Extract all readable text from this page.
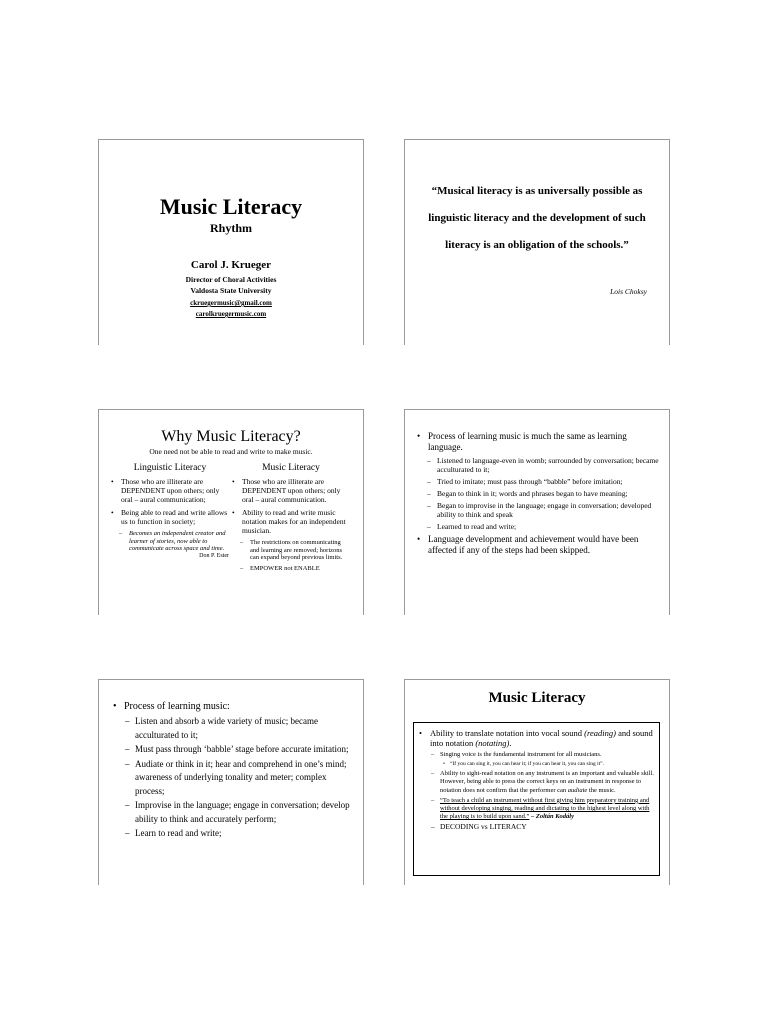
Music Literacy
Rhythm
Carol J. Krueger
Director of Choral Activities
Valdosta State University
ckruegermusic@gmail.com
carolkruegermusic.com
“Musical literacy is as universally possible as linguistic literacy and the development of such literacy is an obligation of the schools.”
Lois Choksy
Why Music Literacy?
One need not be able to read and write to make music.
Linguistic Literacy
• Those who are illiterate are DEPENDENT upon others; only oral – aural communication;
• Being able to read and write allows us to function in society;
– Becomes an independent creator and learner of stories, now able to communicate across space and time.
Don P. Ester
Music Literacy
• Those who are illiterate are DEPENDENT upon others; only oral – aural communication.
• Ability to read and write music notation makes for an independent musician.
– The restrictions on communicating and learning are removed; horizons can expand beyond previous limits.
– EMPOWER not ENABLE
• Process of learning music is much the same as learning language.
– Listened to language-even in womb; surrounded by conversation; became acculturated to it;
– Tried to imitate; must pass through “babble” before imitation;
– Began to think in it; words and phrases began to have meaning;
– Began to improvise in the language; engage in conversation; developed ability to think and speak
– Learned to read and write;
• Language development and achievement would have been affected if any of the steps had been skipped.
• Process of learning music:
– Listen and absorb a wide variety of music; became acculturated to it;
– Must pass through ‘babble’ stage before accurate imitation;
– Audiate or think in it; hear and comprehend in one’s mind; awareness of underlying tonality and meter; complex process;
– Improvise in the language; engage in conversation; develop ability to think and accurately perform;
– Learn to read and write;
Music Literacy
• Ability to translate notation into vocal sound (reading) and sound into notation (notating).
– Singing voice is the fundamental instrument for all musicians.
• “If you can sing it, you can hear it; if you can hear it, you can sing it”.
– Ability to sight-read notation on any instrument is an important and valuable skill. However, being able to press the correct keys on an instrument in response to notation does not confirm that the performer can audiate the music.
– “To teach a child an instrument without first giving him preparatory training and without developing singing, reading and dictating to the highest level along with the playing is to build upon sand.” – Zoltán Kodály
– DECODING vs LITERACY
